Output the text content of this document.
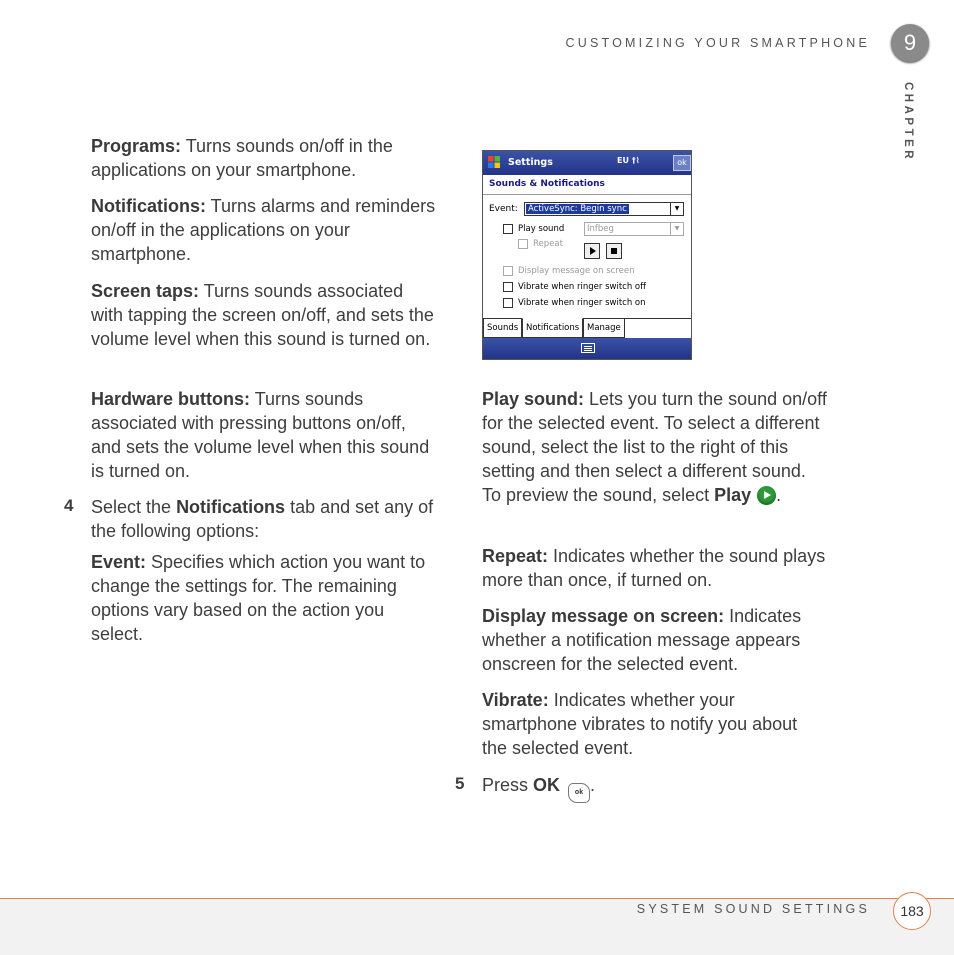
CUSTOMIZING YOUR SMARTPHONE	9
CHAPTER

Programs: Turns sounds on/off in the applications on your smartphone.

Notifications: Turns alarms and reminders on/off in the applications on your smartphone.

Screen taps: Turns sounds associated with tapping the screen on/off, and sets the volume level when this sound is turned on.

Hardware buttons: Turns sounds associated with pressing buttons on/off, and sets the volume level when this sound is turned on.

4 Select the Notifications tab and set any of the following options:

Event: Specifies which action you want to change the settings for. The remaining options vary based on the action you select.

Settings	EU †⌇	ok
Sounds & Notifications
Event: ActiveSync: Begin sync	▼
Play sound	Infbeg	▼
Repeat
Display message on screen
Vibrate when ringer switch off
Vibrate when ringer switch on
Sounds Notifications Manage

Play sound: Lets you turn the sound on/off for the selected event. To select a different sound, select the list to the right of this setting and then select a different sound. To preview the sound, select Play .

Repeat: Indicates whether the sound plays more than once, if turned on.

Display message on screen: Indicates whether a notification message appears onscreen for the selected event.

Vibrate: Indicates whether your smartphone vibrates to notify you about the selected event.

5 Press OK ok .

SYSTEM SOUND SETTINGS	183
